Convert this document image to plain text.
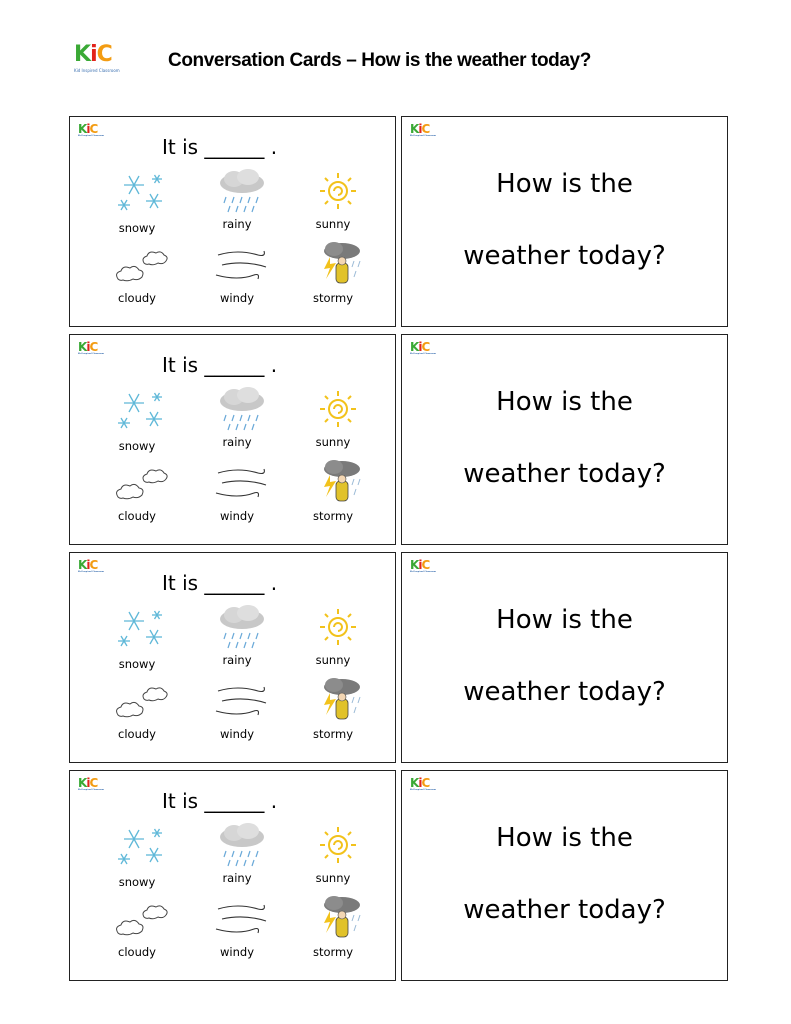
KiC
Kid Inspired Classroom	Conversation Cards – How is the weather today?
KiC
Kid Inspired Classroom	It is ______ .
snowy	rainy	sunny
cloudy	windy	stormy
KiC
Kid Inspired Classroom
How is the
weather today?
KiC
Kid Inspired Classroom	It is ______ .
snowy	rainy	sunny
cloudy	windy	stormy
KiC
Kid Inspired Classroom
How is the
weather today?
KiC
Kid Inspired Classroom	It is ______ .
snowy	rainy	sunny
cloudy	windy	stormy
KiC
Kid Inspired Classroom
How is the
weather today?
KiC
Kid Inspired Classroom	It is ______ .
snowy	rainy	sunny
cloudy	windy	stormy
KiC
Kid Inspired Classroom
How is the
weather today?
